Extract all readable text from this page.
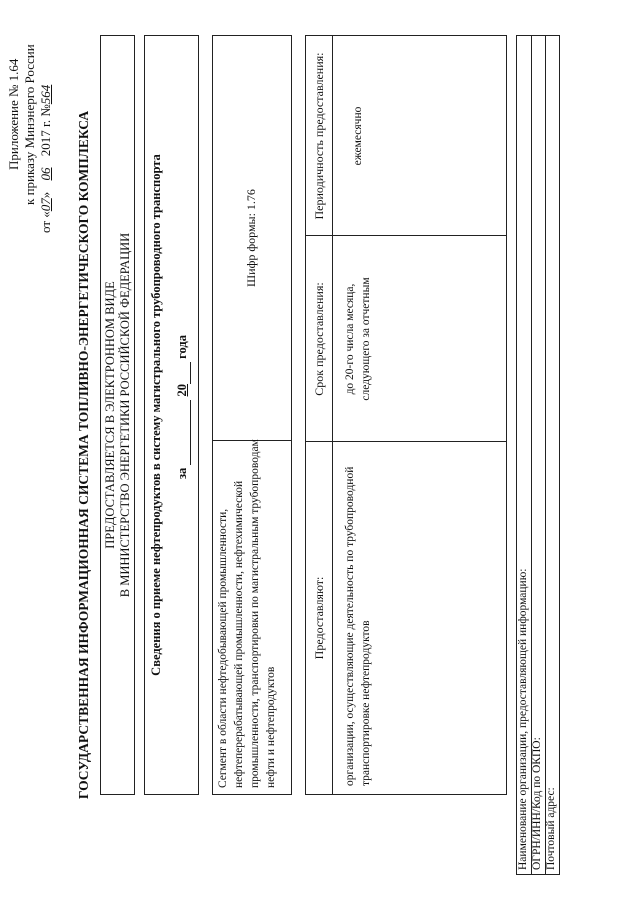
Приложение № 1.64 к приказу Минэнерго России
от «07» 06 2017 г. №564
ГОСУДАРСТВЕННАЯ ИНФОРМАЦИОННАЯ СИСТЕМА ТОПЛИВНО-ЭНЕРГЕТИЧЕСКОГО КОМПЛЕКСА ПРЕДОСТАВЛЯЕТСЯ В ЭЛЕКТРОННОМ ВИДЕ В МИНИСТЕРСТВО ЭНЕРГЕТИКИ РОССИЙСКОЙ ФЕДЕРАЦИИ Сведения о приеме нефтепродуктов в систему магистрального трубопроводного транспорта за   20  года
Сегмент в области нефтедобывающей промышленности, нефтеперерабатывающей промышленности, нефтехимической промышленности, транспортировки по магистральным трубопроводам нефти и нефтепродуктов
Шифр формы: 1.76
Предоставляют:
Срок предоставления:
Периодичность предоставления:
организации, осуществляющие деятельность по трубопроводной транспортировке нефтепродуктов
до 20-го числа месяца, следующего за отчетным
ежемесячно
Наименование организации, предоставляющей информацию: ОГРН/ИНН/Код по ОКПО: Почтовый адрес:
